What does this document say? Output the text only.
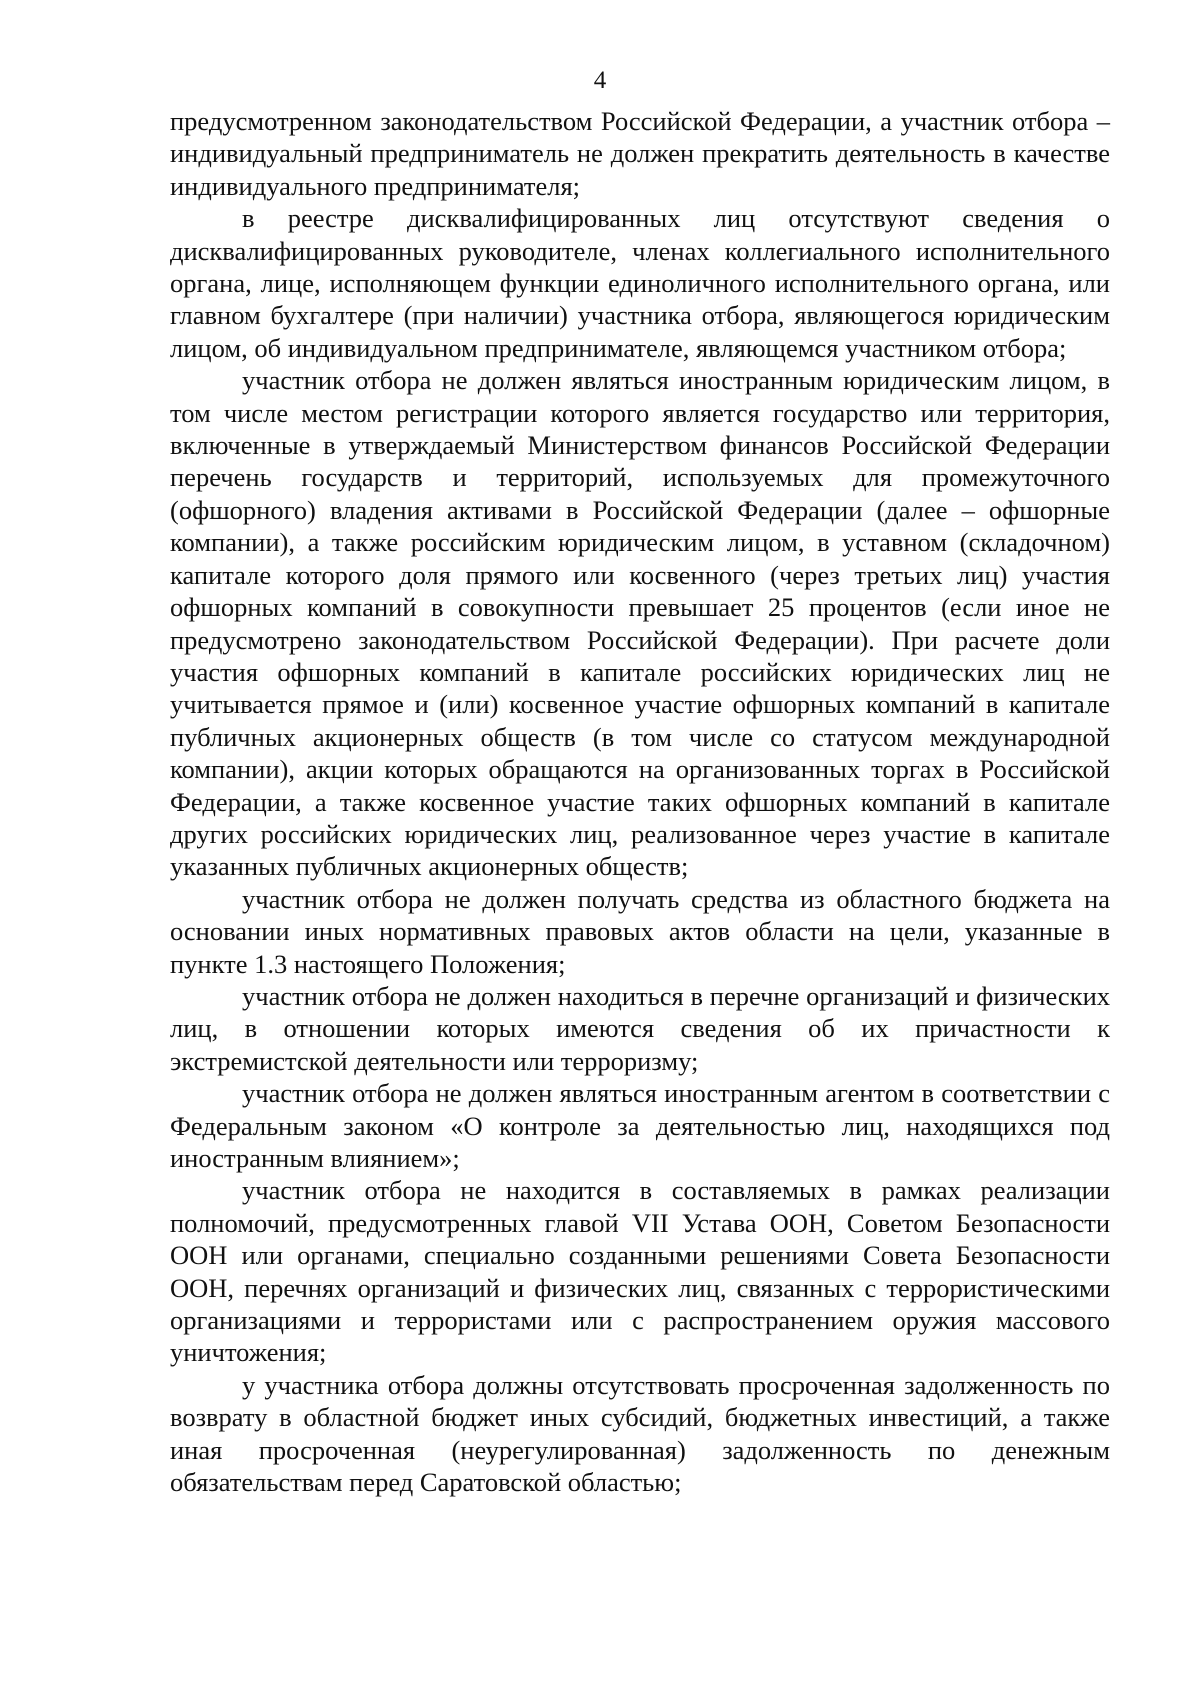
4

предусмотренном законодательством Российской Федерации, а участник отбора – индивидуальный предприниматель не должен прекратить деятельность в качестве индивидуального предпринимателя;

в реестре дисквалифицированных лиц отсутствуют сведения о дисквалифицированных руководителе, членах коллегиального исполнительного органа, лице, исполняющем функции единоличного исполнительного органа, или главном бухгалтере (при наличии) участника отбора, являющегося юридическим лицом, об индивидуальном предпринимателе, являющемся участником отбора;

участник отбора не должен являться иностранным юридическим лицом, в том числе местом регистрации которого является государство или территория, включенные в утверждаемый Министерством финансов Российской Федерации перечень государств и территорий, используемых для промежуточного (офшорного) владения активами в Российской Федерации (далее – офшорные компании), а также российским юридическим лицом, в уставном (складочном) капитале которого доля прямого или косвенного (через третьих лиц) участия офшорных компаний в совокупности превышает 25 процентов (если иное не предусмотрено законодательством Российской Федерации). При расчете доли участия офшорных компаний в капитале российских юридических лиц не учитывается прямое и (или) косвенное участие офшорных компаний в капитале публичных акционерных обществ (в том числе со статусом международной компании), акции которых обращаются на организованных торгах в Российской Федерации, а также косвенное участие таких офшорных компаний в капитале других российских юридических лиц, реализованное через участие в капитале указанных публичных акционерных обществ;

участник отбора не должен получать средства из областного бюджета на основании иных нормативных правовых актов области на цели, указанные в пункте 1.3 настоящего Положения;

участник отбора не должен находиться в перечне организаций и физических лиц, в отношении которых имеются сведения об их причастности к экстремистской деятельности или терроризму;

участник отбора не должен являться иностранным агентом в соответствии с Федеральным законом «О контроле за деятельностью лиц, находящихся под иностранным влиянием»;

участник отбора не находится в составляемых в рамках реализации полномочий, предусмотренных главой VII Устава ООН, Советом Безопасности ООН или органами, специально созданными решениями Совета Безопасности ООН, перечнях организаций и физических лиц, связанных с террористическими организациями и террористами или с распространением оружия массового уничтожения;

у участника отбора должны отсутствовать просроченная задолженность по возврату в областной бюджет иных субсидий, бюджетных инвестиций, а также иная просроченная (неурегулированная) задолженность по денежным обязательствам перед Саратовской областью;
